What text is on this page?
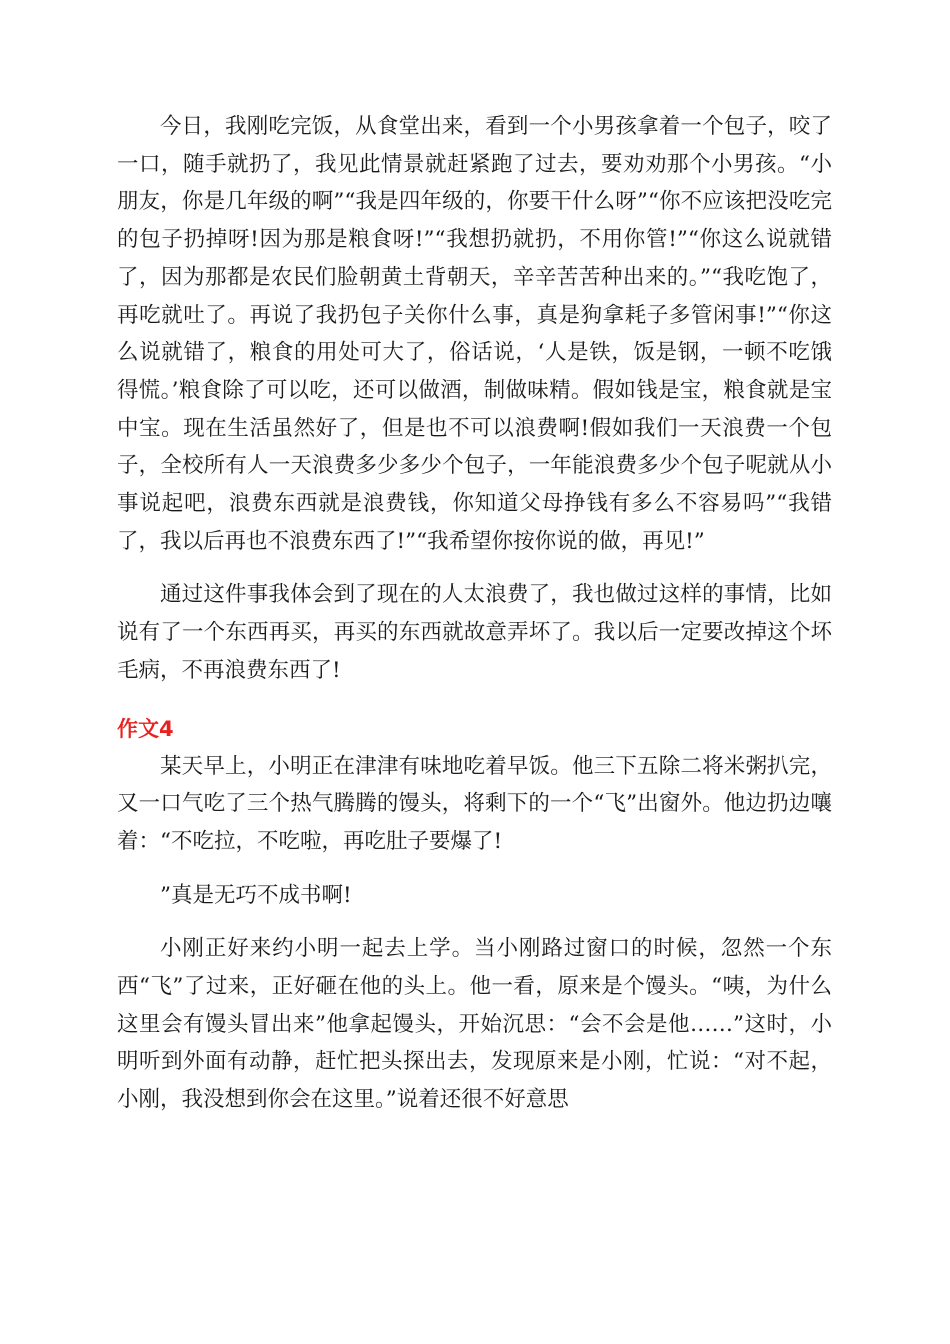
今日，我刚吃完饭，从食堂出来，看到一个小男孩拿着一个包子，咬了一口，随手就扔了，我见此情景就赶紧跑了过去，要劝劝那个小男孩。“小朋友，你是几年级的啊”“我是四年级的，你要干什么呀”“你不应该把没吃完的包子扔掉呀!因为那是粮食呀!”“我想扔就扔，不用你管!”“你这么说就错了，因为那都是农民们脸朝黄土背朝天，辛辛苦苦种出来的。”“我吃饱了，再吃就吐了。再说了我扔包子关你什么事，真是狗拿耗子多管闲事!”“你这么说就错了，粮食的用处可大了，俗话说，‘人是铁，饭是钢，一顿不吃饿得慌。’粮食除了可以吃，还可以做酒，制做味精。假如钱是宝，粮食就是宝中宝。现在生活虽然好了，但是也不可以浪费啊!假如我们一天浪费一个包子，全校所有人一天浪费多少多少个包子，一年能浪费多少个包子呢就从小事说起吧，浪费东西就是浪费钱，你知道父母挣钱有多么不容易吗”“我错了，我以后再也不浪费东西了!”“我希望你按你说的做，再见!”

通过这件事我体会到了现在的人太浪费了，我也做过这样的事情，比如说有了一个东西再买，再买的东西就故意弄坏了。我以后一定要改掉这个坏毛病，不再浪费东西了!

作文4

某天早上，小明正在津津有味地吃着早饭。他三下五除二将米粥扒完，又一口气吃了三个热气腾腾的馒头，将剩下的一个“飞”出窗外。他边扔边嚷着：“不吃拉，不吃啦，再吃肚子要爆了!

”真是无巧不成书啊!

小刚正好来约小明一起去上学。当小刚路过窗口的时候，忽然一个东西“飞”了过来，正好砸在他的头上。他一看，原来是个馒头。“咦，为什么这里会有馒头冒出来”他拿起馒头，开始沉思：“会不会是他……”这时，小明听到外面有动静，赶忙把头探出去，发现原来是小刚，忙说：“对不起，小刚，我没想到你会在这里。”说着还很不好意思
